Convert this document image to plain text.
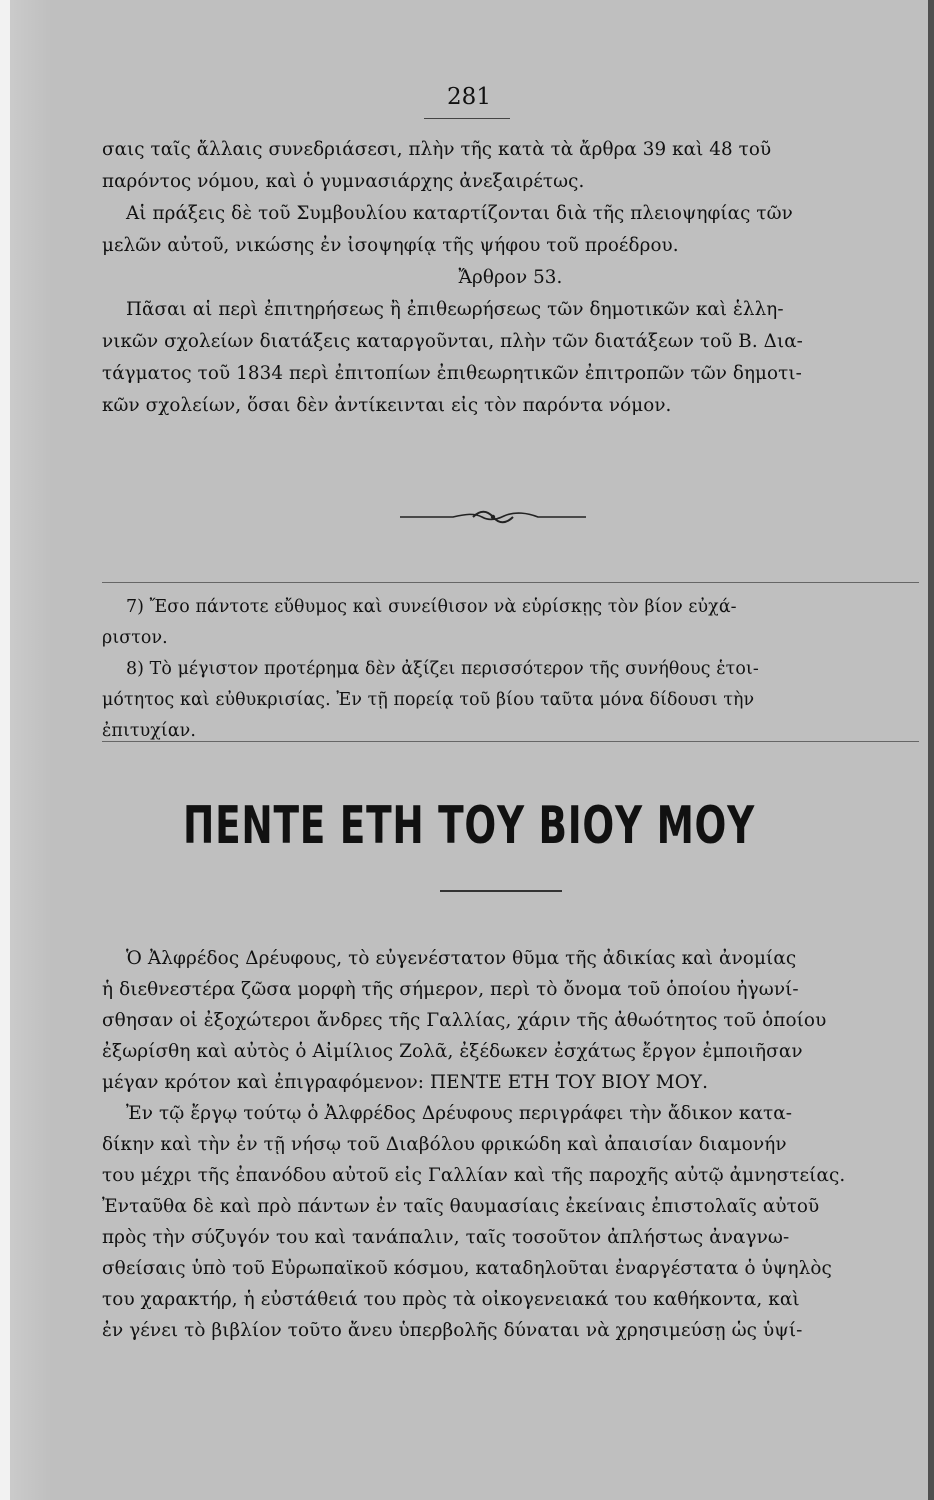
281
σαις ταῖς ἄλλαις συνεδριάσεσι, πλὴν τῆς κατὰ τὰ ἄρθρα 39 καὶ 48 τοῦ
παρόντος νόμου, καὶ ὁ γυμνασιάρχης ἀνεξαιρέτως.
Αἱ πράξεις δὲ τοῦ Συμβουλίου καταρτίζονται διὰ τῆς πλειοψηφίας τῶν
μελῶν αὐτοῦ, νικώσης ἐν ἰσοψηφίᾳ τῆς ψήφου τοῦ προέδρου.
Ἄρθρον 53.
Πᾶσαι αἱ περὶ ἐπιτηρήσεως ἢ ἐπιθεωρήσεως τῶν δημοτικῶν καὶ ἑλλη-
νικῶν σχολείων διατάξεις καταργοῦνται, πλὴν τῶν διατάξεων τοῦ Β. Δια-
τάγματος τοῦ 1834 περὶ ἐπιτοπίων ἐπιθεωρητικῶν ἐπιτροπῶν τῶν δημοτι-
κῶν σχολείων, ὅσαι δὲν ἀντίκεινται εἰς τὸν παρόντα νόμον.
7) Ἔσο πάντοτε εὔθυμος καὶ συνείθισον νὰ εὑρίσκῃς τὸν βίον εὐχά-
ριστον.
8) Τὸ μέγιστον προτέρημα δὲν ἀξίζει περισσότερον τῆς συνήθους ἑτοι-
μότητος καὶ εὐθυκρισίας. Ἐν τῇ πορείᾳ τοῦ βίου ταῦτα μόνα δίδουσι τὴν
ἐπιτυχίαν.
ΠΕΝΤΕ ΕΤΗ ΤΟΥ ΒΙΟΥ ΜΟΥ
Ὁ Ἀλφρέδος Δρέυφους, τὸ εὐγενέστατον θῦμα τῆς ἀδικίας καὶ ἀνομίας
ἡ διεθνεστέρα ζῶσα μορφὴ τῆς σήμερον, περὶ τὸ ὄνομα τοῦ ὁποίου ἠγωνί-
σθησαν οἱ ἐξοχώτεροι ἄνδρες τῆς Γαλλίας, χάριν τῆς ἀθωότητος τοῦ ὁποίου
ἐξωρίσθη καὶ αὐτὸς ὁ Αἰμίλιος Ζολᾶ, ἐξέδωκεν ἐσχάτως ἔργον ἐμποιῆσαν
μέγαν κρότον καὶ ἐπιγραφόμενον: ΠΕΝΤΕ ΕΤΗ ΤΟΥ ΒΙΟΥ ΜΟΥ.
Ἐν τῷ ἔργῳ τούτῳ ὁ Ἀλφρέδος Δρέυφους περιγράφει τὴν ἄδικον κατα-
δίκην καὶ τὴν ἐν τῇ νήσῳ τοῦ Διαβόλου φρικώδη καὶ ἀπαισίαν διαμονήν
του μέχρι τῆς ἐπανόδου αὐτοῦ εἰς Γαλλίαν καὶ τῆς παροχῆς αὐτῷ ἀμνηστείας.
Ἐνταῦθα δὲ καὶ πρὸ πάντων ἐν ταῖς θαυμασίαις ἐκείναις ἐπιστολαῖς αὐτοῦ
πρὸς τὴν σύζυγόν του καὶ τανάπαλιν, ταῖς τοσοῦτον ἀπλήστως ἀναγνω-
σθείσαις ὑπὸ τοῦ Εὐρωπαϊκοῦ κόσμου, καταδηλοῦται ἐναργέστατα ὁ ὑψηλὸς
του χαρακτήρ, ἡ εὐστάθειά του πρὸς τὰ οἰκογενειακά του καθήκοντα, καὶ
ἐν γένει τὸ βιβλίον τοῦτο ἄνευ ὑπερβολῆς δύναται νὰ χρησιμεύσῃ ὡς ὑψί-
